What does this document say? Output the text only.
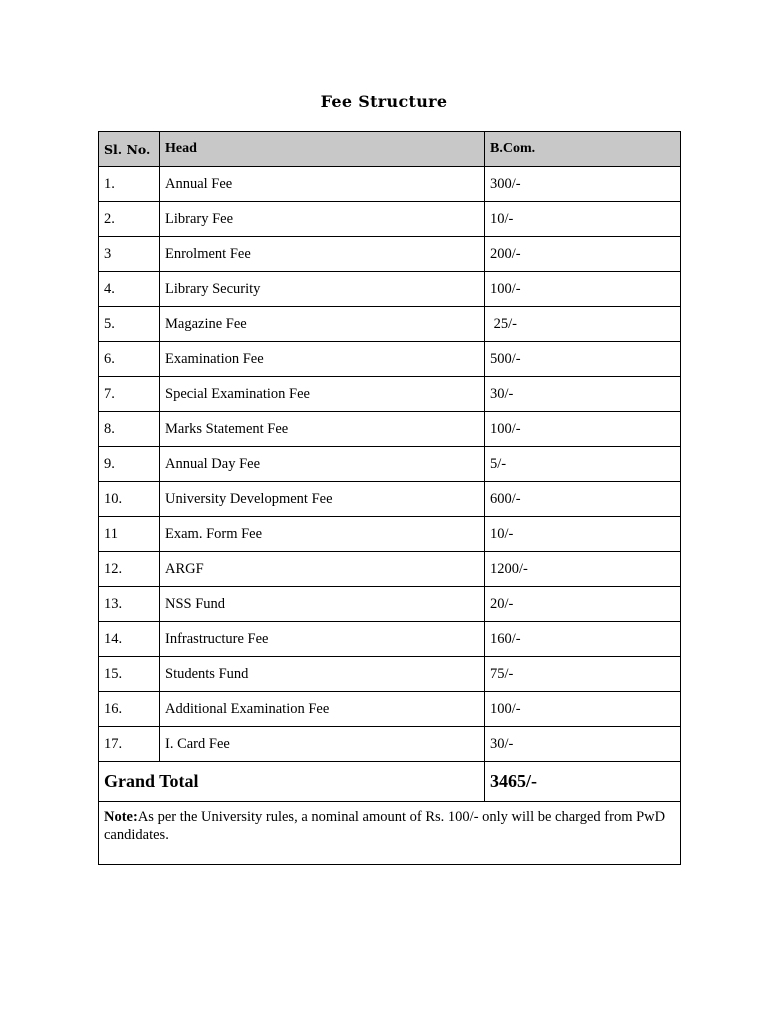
Fee Structure
Sl. No.	Head	B.Com.
1.	Annual Fee	300/-
2.	Library Fee	10/-
3	Enrolment Fee	200/-
4.	Library Security	100/-
5.	Magazine Fee	25/-
6.	Examination Fee	500/-
7.	Special Examination Fee	30/-
8.	Marks Statement Fee	100/-
9.	Annual Day Fee	5/-
10.	University Development Fee	600/-
11	Exam. Form Fee	10/-
12.	ARGF	1200/-
13.	NSS Fund	20/-
14.	Infrastructure Fee	160/-
15.	Students Fund	75/-
16.	Additional Examination Fee	100/-
17.	I. Card Fee	30/-
Grand Total		3465/-
Note:As per the University rules, a nominal amount of Rs. 100/- only will be charged from PwD candidates.		
